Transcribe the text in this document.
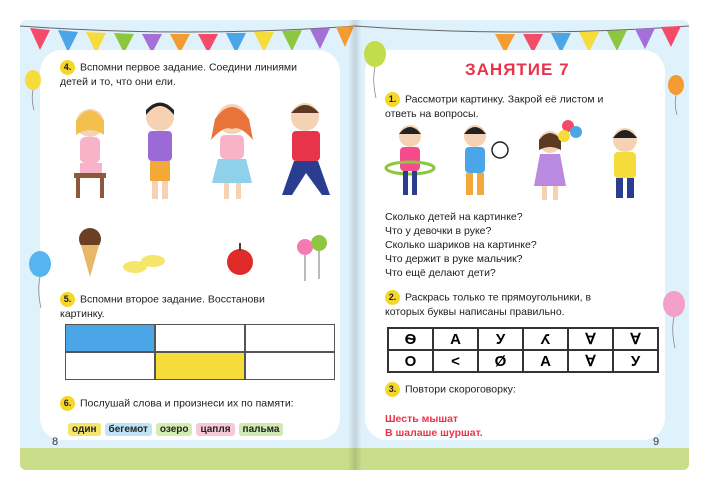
4. Вспомни первое задание. Соедини линиями
детей и то, что они ели.
5. Вспомни второе задание. Восстанови
картинку.
6. Послушай слова и произнеси их по памяти:
один	бегемот	озеро	цапля	пальма
8
ЗАНЯТИЕ 7
1. Рассмотри картинку. Закрой её листом и
ответь на вопросы.
Сколько детей на картинке?
Что у девочки в руке?
Сколько шариков на картинке?
Что держит в руке мальчик?
Что ещё делают дети?
2. Раскрась только те прямоугольники, в
которых буквы написаны правильно.
Ѳ	А	У	У	∀	∀
О	<	Ø	А	∀	У
3. Повтори скороговорку:
Шесть мышат
В шалаше шуршат.
9
